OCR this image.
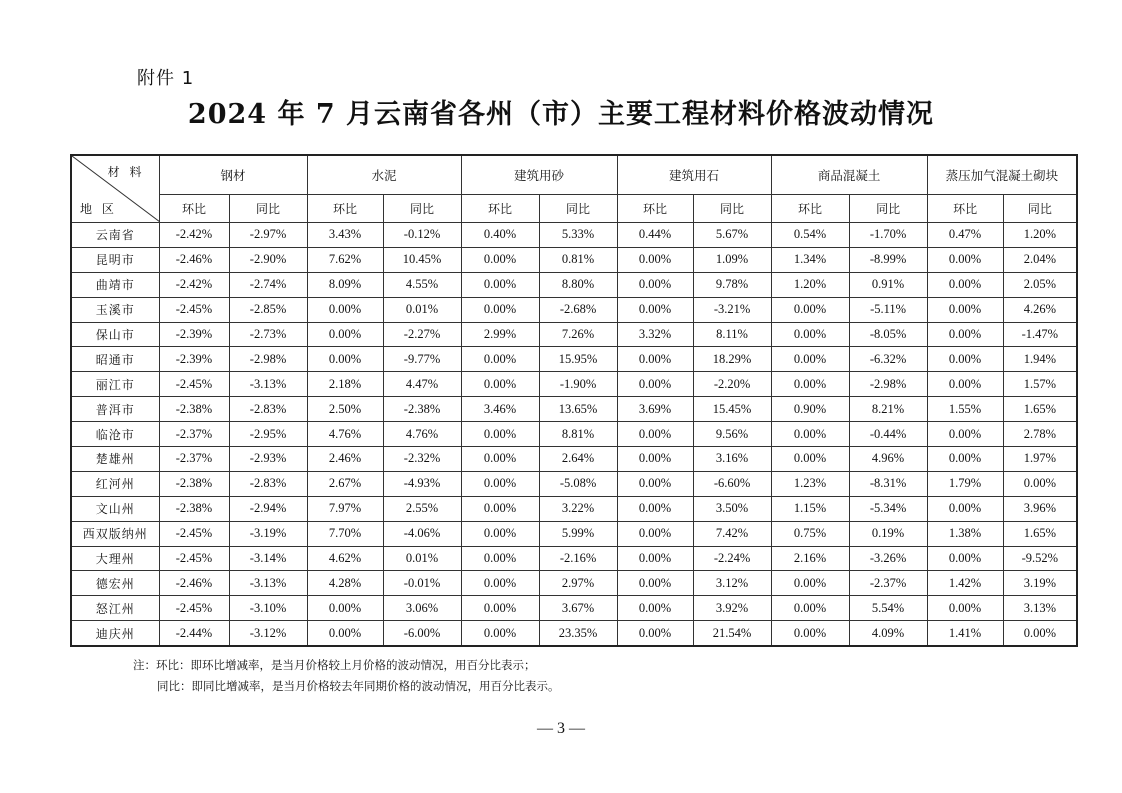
附件 1
2024 年 7 月云南省各州（市）主要工程材料价格波动情况
材 料
地 区	钢材		水泥		建筑用砂		建筑用石		商品混凝土		蒸压加气混凝土砌块	
	环比	同比	环比	同比	环比	同比	环比	同比	环比	同比	环比	同比
云南省	-2.42%	-2.97%	3.43%	-0.12%	0.40%	5.33%	0.44%	5.67%	0.54%	-1.70%	0.47%	1.20%
昆明市	-2.46%	-2.90%	7.62%	10.45%	0.00%	0.81%	0.00%	1.09%	1.34%	-8.99%	0.00%	2.04%
曲靖市	-2.42%	-2.74%	8.09%	4.55%	0.00%	8.80%	0.00%	9.78%	1.20%	0.91%	0.00%	2.05%
玉溪市	-2.45%	-2.85%	0.00%	0.01%	0.00%	-2.68%	0.00%	-3.21%	0.00%	-5.11%	0.00%	4.26%
保山市	-2.39%	-2.73%	0.00%	-2.27%	2.99%	7.26%	3.32%	8.11%	0.00%	-8.05%	0.00%	-1.47%
昭通市	-2.39%	-2.98%	0.00%	-9.77%	0.00%	15.95%	0.00%	18.29%	0.00%	-6.32%	0.00%	1.94%
丽江市	-2.45%	-3.13%	2.18%	4.47%	0.00%	-1.90%	0.00%	-2.20%	0.00%	-2.98%	0.00%	1.57%
普洱市	-2.38%	-2.83%	2.50%	-2.38%	3.46%	13.65%	3.69%	15.45%	0.90%	8.21%	1.55%	1.65%
临沧市	-2.37%	-2.95%	4.76%	4.76%	0.00%	8.81%	0.00%	9.56%	0.00%	-0.44%	0.00%	2.78%
楚雄州	-2.37%	-2.93%	2.46%	-2.32%	0.00%	2.64%	0.00%	3.16%	0.00%	4.96%	0.00%	1.97%
红河州	-2.38%	-2.83%	2.67%	-4.93%	0.00%	-5.08%	0.00%	-6.60%	1.23%	-8.31%	1.79%	0.00%
文山州	-2.38%	-2.94%	7.97%	2.55%	0.00%	3.22%	0.00%	3.50%	1.15%	-5.34%	0.00%	3.96%
西双版纳州	-2.45%	-3.19%	7.70%	-4.06%	0.00%	5.99%	0.00%	7.42%	0.75%	0.19%	1.38%	1.65%
大理州	-2.45%	-3.14%	4.62%	0.01%	0.00%	-2.16%	0.00%	-2.24%	2.16%	-3.26%	0.00%	-9.52%
德宏州	-2.46%	-3.13%	4.28%	-0.01%	0.00%	2.97%	0.00%	3.12%	0.00%	-2.37%	1.42%	3.19%
怒江州	-2.45%	-3.10%	0.00%	3.06%	0.00%	3.67%	0.00%	3.92%	0.00%	5.54%	0.00%	3.13%
迪庆州	-2.44%	-3.12%	0.00%	-6.00%	0.00%	23.35%	0.00%	21.54%	0.00%	4.09%	1.41%	0.00%
注：环比：即环比增减率，是当月价格较上月价格的波动情况，用百分比表示；
同比：即同比增减率，是当月价格较去年同期价格的波动情况，用百分比表示。
— 3 —
